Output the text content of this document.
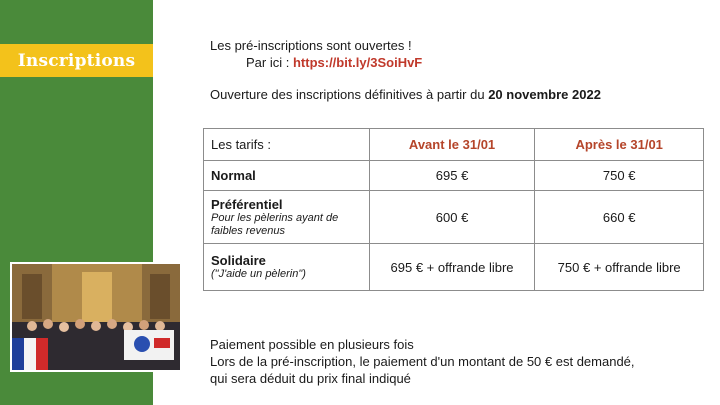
Inscriptions
Les pré-inscriptions sont ouvertes !
Par ici : https://bit.ly/3SoiHvF
Ouverture des inscriptions définitives à partir du 20 novembre 2022
Les tarifs :	Avant le 31/01	Après le 31/01

Normal	695 €	750 €

Préférentiel
Pour les pèlerins ayant de faibles revenus	600 €	660 €

Solidaire
("J'aide un pèlerin")	695 € + offrande libre	750 € + offrande libre
Paiement possible en plusieurs fois
Lors de la pré-inscription, le paiement d'un montant de 50 € est demandé,
qui sera déduit du prix final indiqué
